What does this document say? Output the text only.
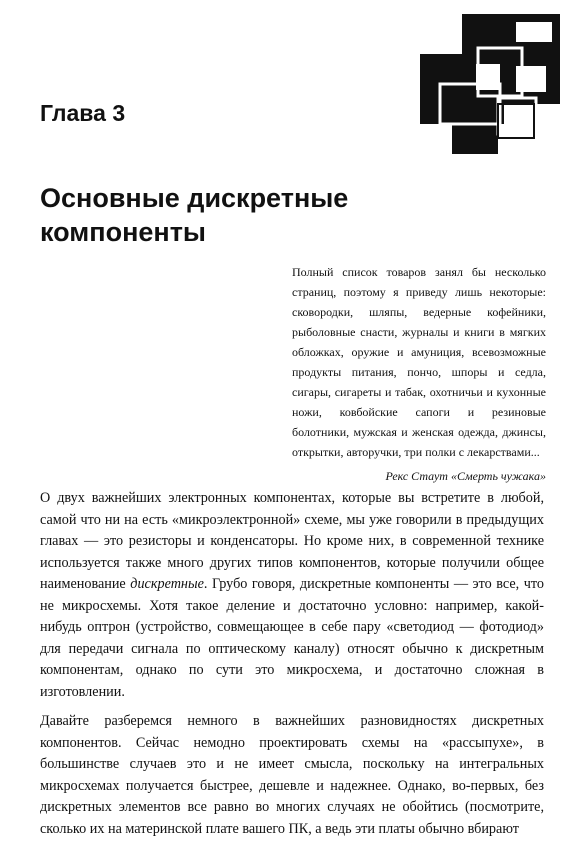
Глава 3
Основные дискретные компоненты

Полный список товаров занял бы несколько страниц, поэтому я приведу лишь некоторые: сковородки, шляпы, ведерные кофейники, рыболовные снасти, журналы и книги в мягких обложках, оружие и амуниция, всевозможные продукты питания, пончо, шпоры и седла, сигары, сигареты и табак, охотничьи и кухонные ножи, ковбойские сапоги и резиновые болотники, мужская и женская одежда, джинсы, открытки, авторучки, три полки с лекарствами...

Рекс Стаут «Смерть чужака»

О двух важнейших электронных компонентах, которые вы встретите в любой, самой что ни на есть «микроэлектронной» схеме, мы уже говорили в предыдущих главах — это резисторы и конденсаторы. Но кроме них, в современной технике используется также много других типов компонентов, которые получили общее наименование дискретные. Грубо говоря, дискретные компоненты — это все, что не микросхемы. Хотя такое деление и достаточно условно: например, какой-нибудь оптрон (устройство, совмещающее в себе пару «светодиод — фотодиод» для передачи сигнала по оптическому каналу) относят обычно к дискретным компонентам, однако по сути это микросхема, и достаточно сложная в изготовлении.

Давайте разберемся немного в важнейших разновидностях дискретных компонентов. Сейчас немодно проектировать схемы на «рассыпухе», в большинстве случаев это и не имеет смысла, поскольку на интегральных микросхемах получается быстрее, дешевле и надежнее. Однако, во-первых, без дискретных элементов все равно во многих случаях не обойтись (посмотрите, сколько их на материнской плате вашего ПК, а ведь эти платы обычно вбирают
